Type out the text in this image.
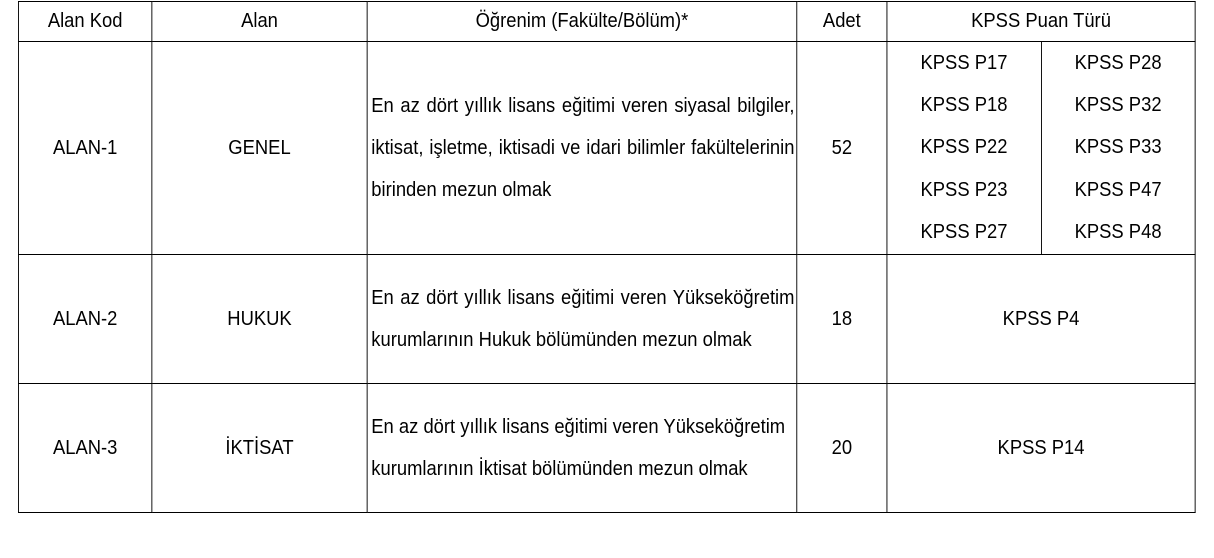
Alan Kod	Alan	Öğrenim (Fakülte/Bölüm)*	Adet	KPSS Puan Türü
ALAN-1	GENEL	En az dört yıllık lisans eğitimi veren siyasal bilgiler, iktisat, işletme, iktisadi ve idari bilimler fakültelerinin birinden mezun olmak	52	
KPSS P17	KPSS P28
KPSS P18	KPSS P32
KPSS P22	KPSS P33
KPSS P23	KPSS P47
KPSS P27	KPSS P48

ALAN-2	HUKUK	En az dört yıllık lisans eğitimi veren Yükseköğretim kurumlarının Hukuk bölümünden mezun olmak	18	KPSS P4
ALAN-3	İKTİSAT	En az dört yıllık lisans eğitimi veren Yükseköğretim kurumlarının İktisat bölümünden mezun olmak	20	KPSS P14
